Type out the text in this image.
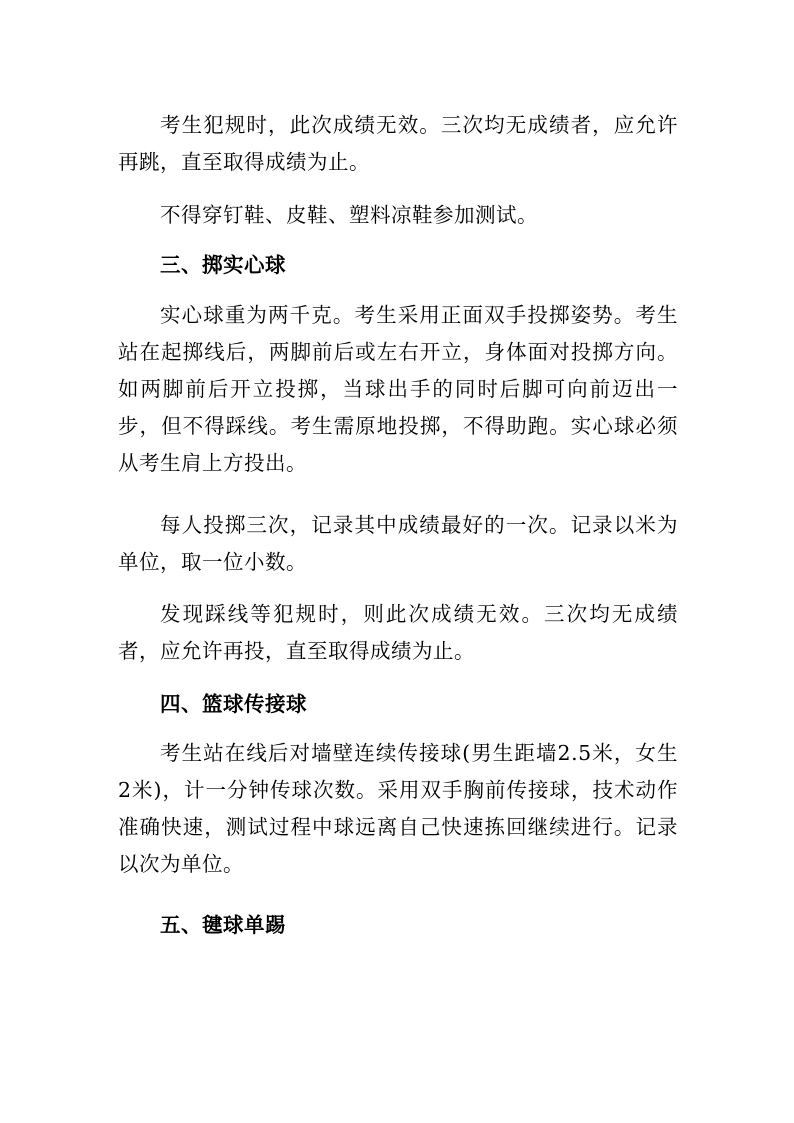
考生犯规时，此次成绩无效。三次均无成绩者，应允许再跳，直至取得成绩为止。

不得穿钉鞋、皮鞋、塑料凉鞋参加测试。

三、掷实心球

实心球重为两千克。考生采用正面双手投掷姿势。考生站在起掷线后，两脚前后或左右开立，身体面对投掷方向。如两脚前后开立投掷，当球出手的同时后脚可向前迈出一步，但不得踩线。考生需原地投掷，不得助跑。实心球必须从考生肩上方投出。

每人投掷三次，记录其中成绩最好的一次。记录以米为单位，取一位小数。

发现踩线等犯规时，则此次成绩无效。三次均无成绩者，应允许再投，直至取得成绩为止。

四、篮球传接球

考生站在线后对墙壁连续传接球(男生距墙2.5米，女生2米)，计一分钟传球次数。采用双手胸前传接球，技术动作准确快速，测试过程中球远离自己快速拣回继续进行。记录以次为单位。

五、毽球单踢
